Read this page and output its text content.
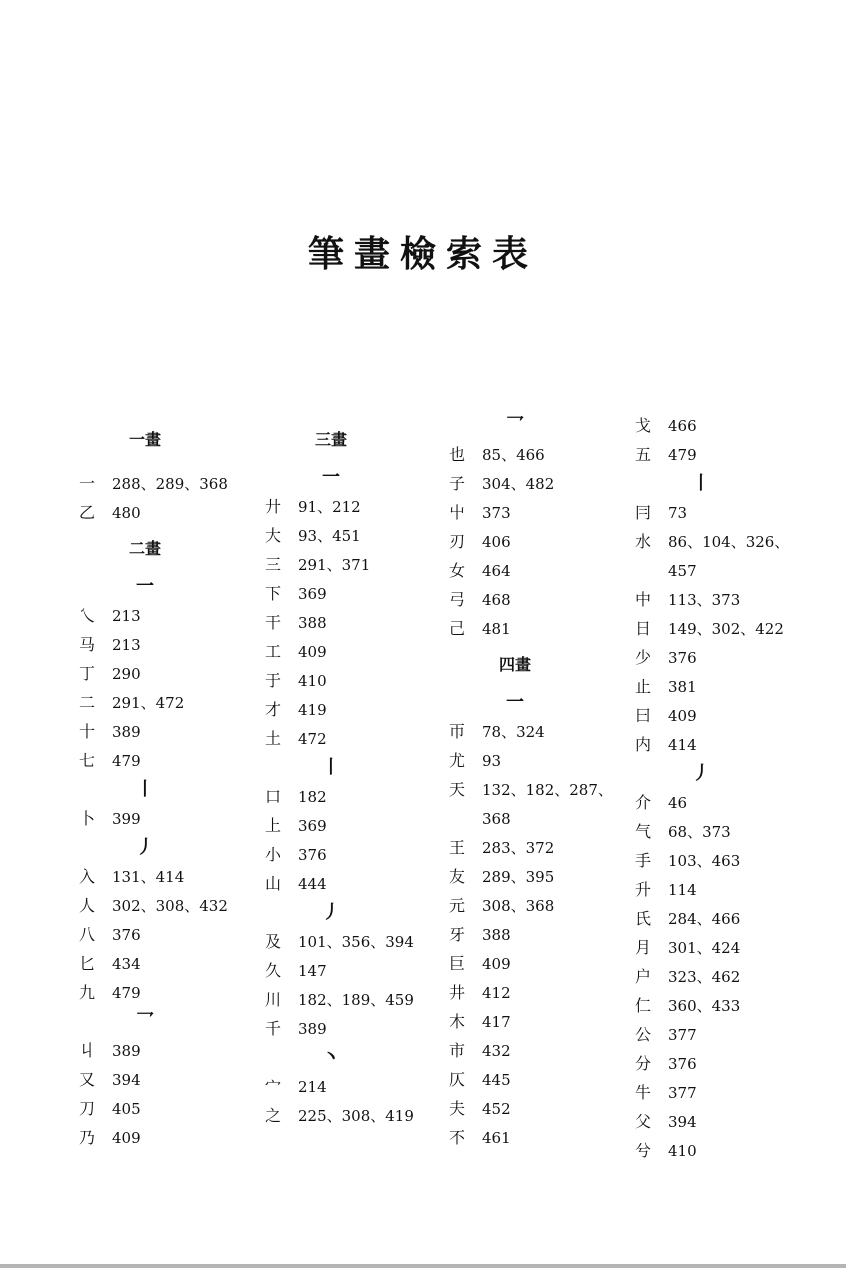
筆畫檢索表
一畫
一 288、289、368
乙 480
二畫
一
乀 213
马 213
丁 290
二 291、472
十 389
七 479
丨
卜 399
丿
入 131、414
人 302、308、432
八 376
匕 434
九 479
乛
丩 389
又 394
刀 405
乃 409
三畫
一
廾 91、212
大 93、451
三 291、371
下 369
干 388
工 409
于 410
才 419
土 472
丨
口 182
上 369
小 376
山 444
丿
及 101、356、394
久 147
川 182、189、459
千 389
丶
宀 214
之 225、308、419
乛
也 85、466
子 304、482
屮 373
刃 406
女 464
弓 468
己 481
四畫
一
帀 78、324
尤 93
天 132、182、287、
368
王 283、372
友 289、395
元 308、368
牙 388
巨 409
井 412
木 417
市 432
仄 445
夫 452
不 461
戈 466
五 479
丨
冃 73
水 86、104、326、
457
中 113、373
日 149、302、422
少 376
止 381
曰 409
内 414
丿
介 46
气 68、373
手 103、463
升 114
氏 284、466
月 301、424
户 323、462
仁 360、433
公 377
分 376
牛 377
父 394
兮 410
